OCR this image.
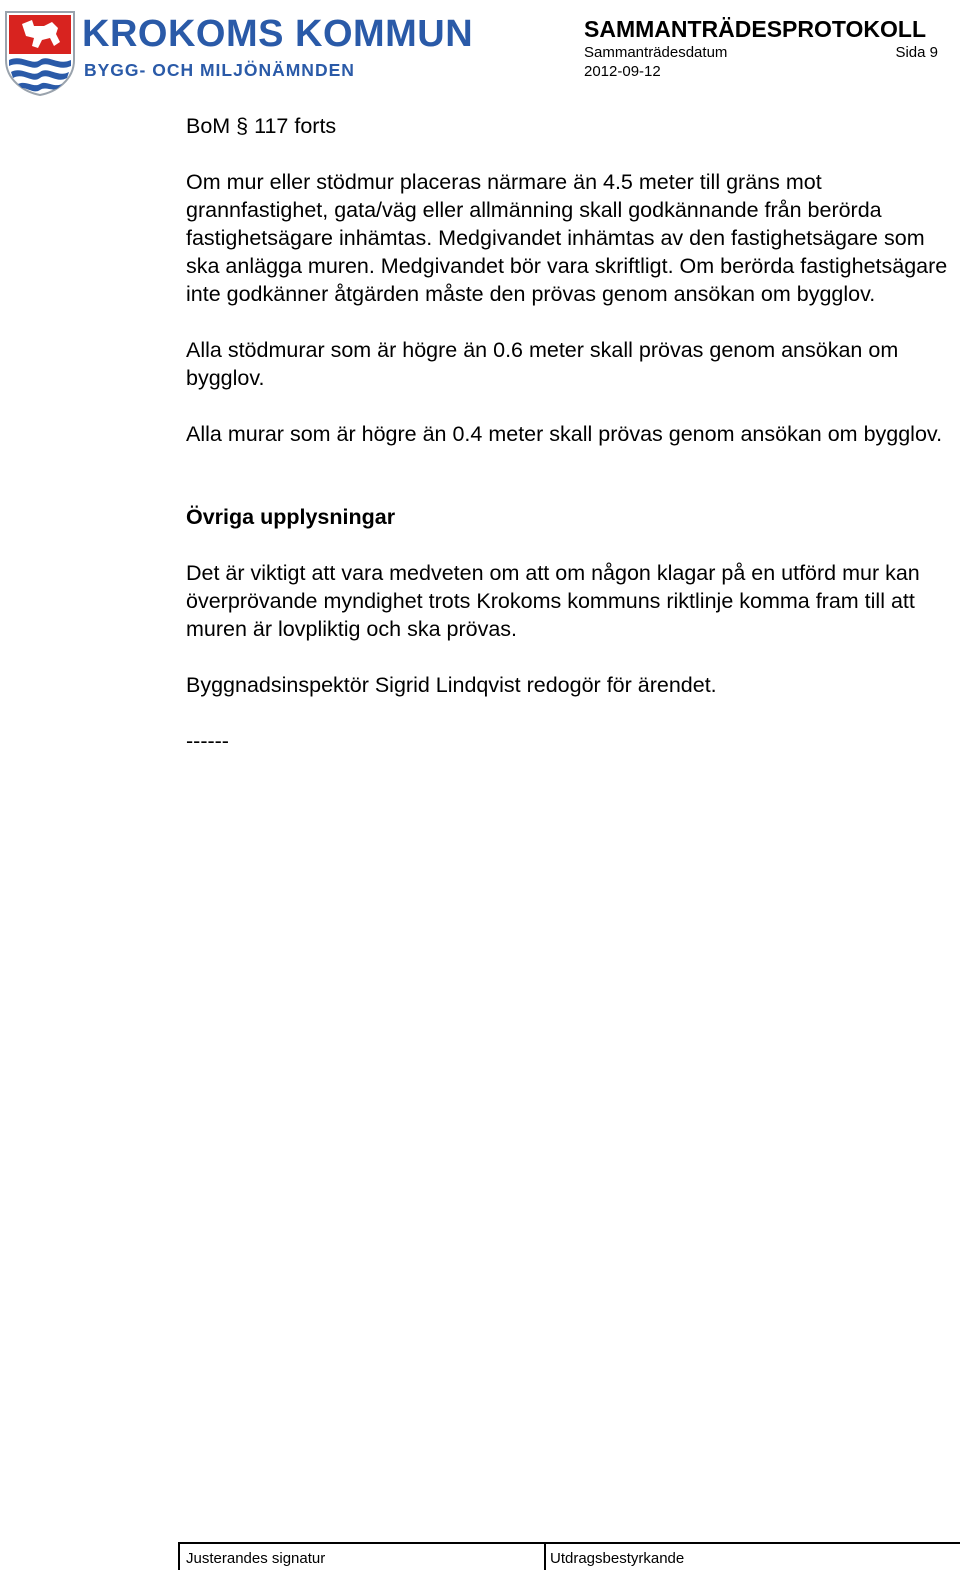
KROKOMS KOMMUN
BYGG- OCH MILJÖNÄMNDEN
SAMMANTRÄDESPROTOKOLL
Sammanträdesdatum	Sida 9
2012-09-12

BoM § 117 forts

Om mur eller stödmur placeras närmare än 4.5 meter till gräns mot grannfastighet, gata/väg eller allmänning skall godkännande från berörda fastighetsägare inhämtas. Medgivandet inhämtas av den fastighetsägare som ska anlägga muren. Medgivandet bör vara skriftligt. Om berörda fastighetsägare inte godkänner åtgärden måste den prövas genom ansökan om bygglov.

Alla stödmurar som är högre än 0.6 meter skall prövas genom ansökan om bygglov.

Alla murar som är högre än 0.4 meter skall prövas genom ansökan om bygglov.

Övriga upplysningar

Det är viktigt att vara medveten om att om någon klagar på en utförd mur kan överprövande myndighet trots Krokoms kommuns riktlinje komma fram till att muren är lovpliktig och ska prövas.

Byggnadsinspektör Sigrid Lindqvist redogör för ärendet.

------

Justerandes signatur	Utdragsbestyrkande
